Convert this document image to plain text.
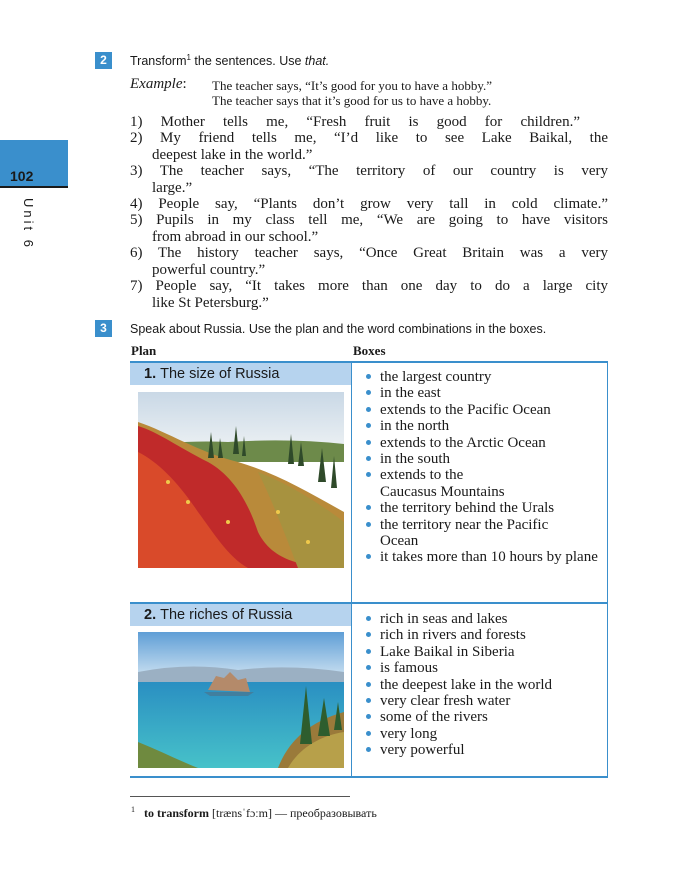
102
Unit 6
2	Transform$^1$ the sentences. Use that.
Example: The teacher says, “It’s good for you to have a hobby.”
The teacher says that it’s good for us to have a hobby.
1) Mother tells me, “Fresh fruit is good for children.”
2) My friend tells me, “I’d like to see Lake Baikal, the
deepest lake in the world.”
3) The teacher says, “The territory of our country is very
large.”
4) People say, “Plants don’t grow very tall in cold climate.”
5) Pupils in my class tell me, “We are going to have visitors
from abroad in our school.”
6) The history teacher says, “Once Great Britain was a very
powerful country.”
7) People say, “It takes more than one day to do a large city
like St Petersburg.”
3	Speak about Russia. Use the plan and the word combinations in the boxes.
Plan	Boxes
1. The size of Russia	the largest country
in the east
extends to the Pacific Ocean
in the north
extends to the Arctic Ocean
in the south
extends to the Caucasus Mountains
the territory behind the Urals
the territory near the Pacific Ocean
it takes more than 10 hours by plane
2. The riches of Russia	rich in seas and lakes
rich in rivers and forests
Lake Baikal in Siberia
is famous
the deepest lake in the world
very clear fresh water
some of the rivers
very long
very powerful
$^1$ to transform [trænsˈfɔːm] — преобразовывать
